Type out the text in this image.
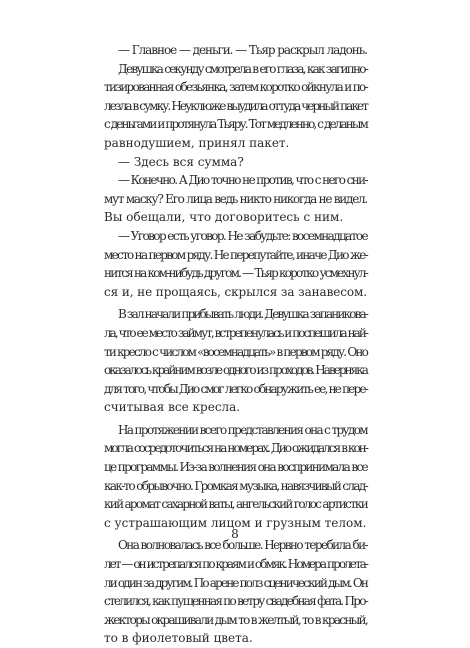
— Главное — деньги. — Тьяр раскрыл ладонь.
Девушка секунду смотрела в его глаза, как загипно-
тизированная обезьянка, затем коротко ойкнула и по-
лезла в сумку. Неуклюже выудила оттуда черный пакет
с деньгами и протянула Тьяру. Тот медленно, с деланым
равнодушием, принял пакет.
— Здесь вся сумма?
— Конечно. А Дио точно не против, что с него сни-
мут маску? Его лица ведь никто никогда не видел.
Вы обещали, что договоритесь с ним.
— Уговор есть уговор. Не забудьте: восемнадцатое
место на первом ряду. Не перепутайте, иначе Дио же-
нится на ком-нибудь другом. — Тьяр коротко усмехнул-
ся и, не прощаясь, скрылся за занавесом.
В зал начали прибывать люди. Девушка запаникова-
ла, что ее место займут, встрепенулась и поспешила най-
ти кресло с числом «восемнадцать» в первом ряду. Оно
оказалось крайним возле одного из проходов. Наверняка
для того, чтобы Дио смог легко обнаружить ее, не пере-
считывая все кресла.
На протяжении всего представления она с трудом
могла сосредоточиться на номерах. Дио ожидался в кон-
це программы. Из-за волнения она воспринимала все
как-то обрывочно. Громкая музыка, навязчивый слад-
кий аромат сахарной ваты, ангельский голос артистки
с устрашающим лицом и грузным телом.
Она волновалась все больше. Нервно теребила би-
лет — он истрепался по краям и обмяк. Номера пролета-
ли один за другим. По арене полз сценический дым. Он
стелился, как пущенная по ветру свадебная фата. Про-
жекторы окрашивали дым то в желтый, то в красный,
то в фиолетовый цвета.
8
